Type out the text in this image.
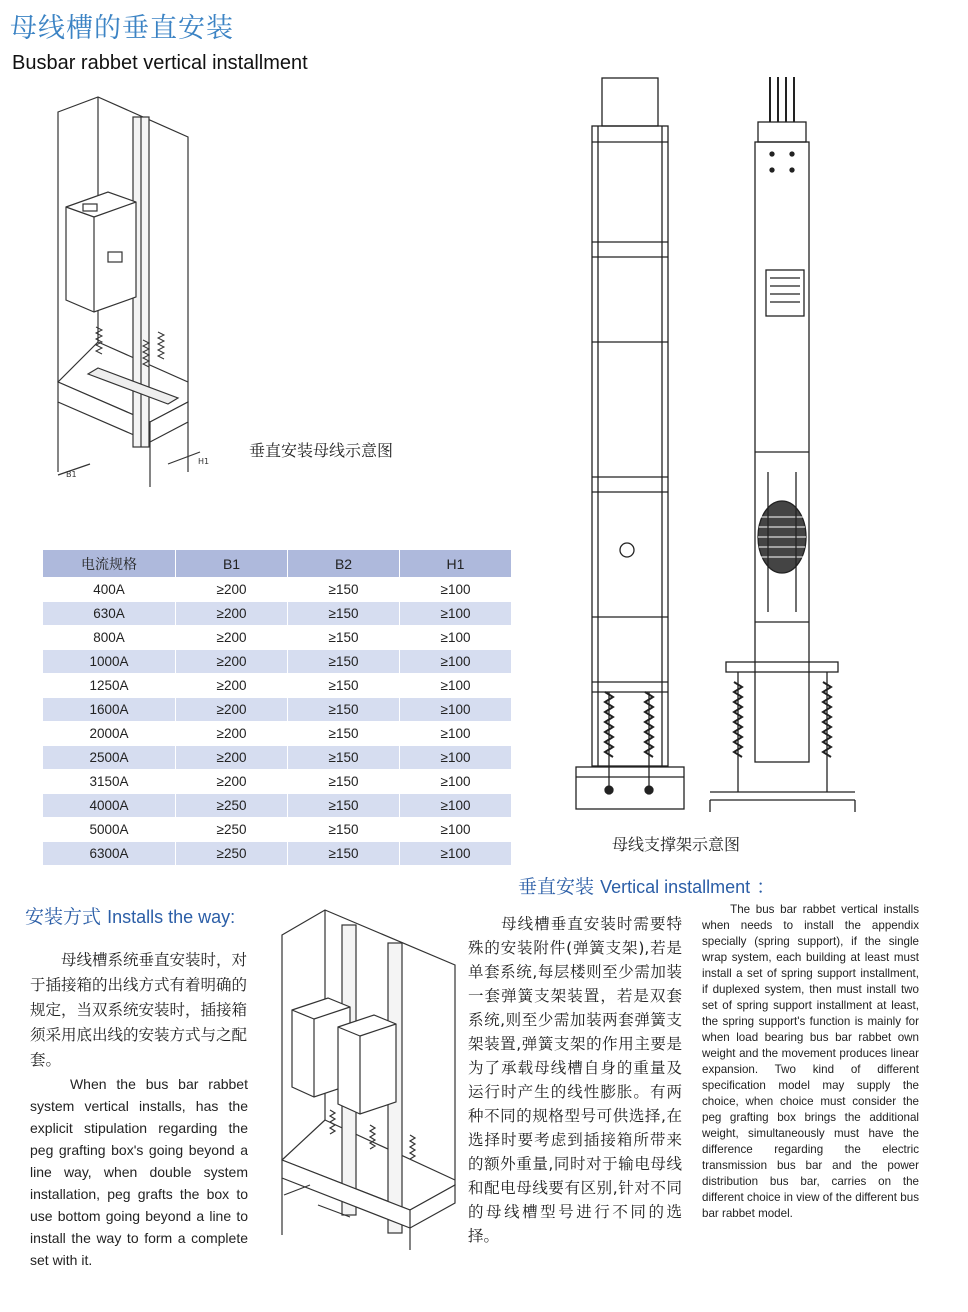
母线槽的垂直安装
Busbar rabbet vertical installment
B1
H1
垂直安装母线示意图
电流规格	B1	B2	H1
400A	≥200	≥150	≥100
630A	≥200	≥150	≥100
800A	≥200	≥150	≥100
1000A	≥200	≥150	≥100
1250A	≥200	≥150	≥100
1600A	≥200	≥150	≥100
2000A	≥200	≥150	≥100
2500A	≥200	≥150	≥100
3150A	≥200	≥150	≥100
4000A	≥250	≥150	≥100
5000A	≥250	≥150	≥100
6300A	≥250	≥150	≥100	母线支撑架示意图
垂直安装 Vertical installment ：
安装方式 Installs the way:
　　母线槽系统垂直安装时，对于插接箱的出线方式有着明确的规定，当双系统安装时，插接箱须采用底出线的安装方式与之配套。
　　When the bus bar rabbet system vertical installs, has the explicit stipulation regarding the peg grafting box's going beyond a line way, when double system installation, peg grafts the box to use bottom going beyond a line to install the way to form a complete set with it.
　　母线槽垂直安装时需要特殊的安装附件(弹簧支架),若是单套系统,每层楼则至少需加装一套弹簧支架装置，若是双套系统,则至少需加装两套弹簧支架装置,弹簧支架的作用主要是为了承载母线槽自身的重量及运行时产生的线性膨胀。有两种不同的规格型号可供选择,在选择时要考虑到插接箱所带来的额外重量,同时对于输电母线和配电母线要有区别,针对不同的母线槽型号进行不同的选择。
　　The bus bar rabbet vertical installs when needs to install the appendix specially (spring support), if the single wrap system, each building at least must install a set of spring support installment, if duplexed system, then must install two set of spring support installment at least, the spring support's function is mainly for when load bearing bus bar rabbet own weight and the movement produces linear expansion. Two kind of different specification model may supply the choice, when choice must consider the peg grafting box brings the additional weight, simultaneously must have the difference regarding the electric transmission bus bar and the power distribution bus bar, carries on the different choice in view of the different bus bar rabbet model.
